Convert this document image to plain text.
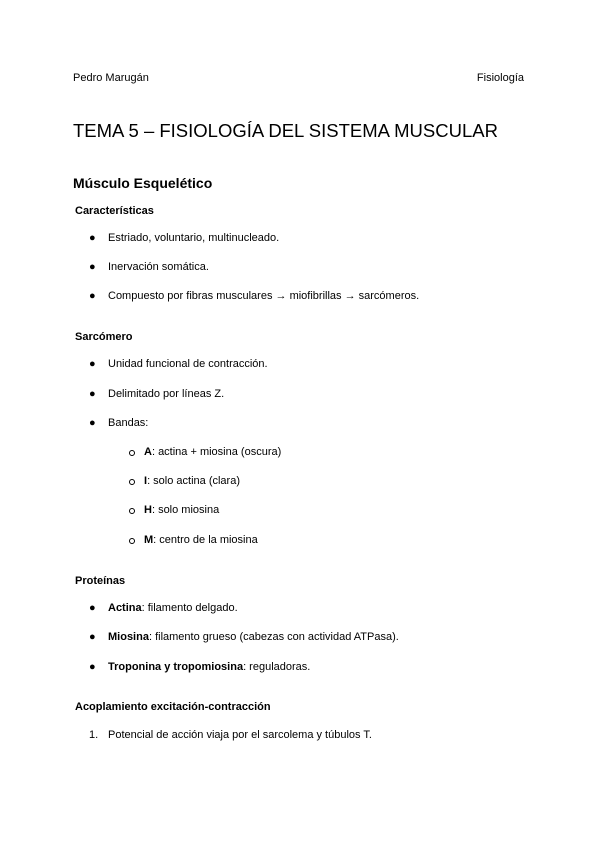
Pedro Marugán	Fisiología
TEMA 5 – FISIOLOGÍA DEL SISTEMA MUSCULAR
Músculo Esquelético
Características
● Estriado, voluntario, multinucleado.
● Inervación somática.
● Compuesto por fibras musculares → miofibrillas → sarcómeros.
Sarcómero
● Unidad funcional de contracción.
● Delimitado por líneas Z.
● Bandas:
A: actina + miosina (oscura)
I: solo actina (clara)
H: solo miosina
M: centro de la miosina
Proteínas
● Actina: filamento delgado.
● Miosina: filamento grueso (cabezas con actividad ATPasa).
● Troponina y tropomiosina: reguladoras.
Acoplamiento excitación-contracción
1. Potencial de acción viaja por el sarcolema y túbulos T.
